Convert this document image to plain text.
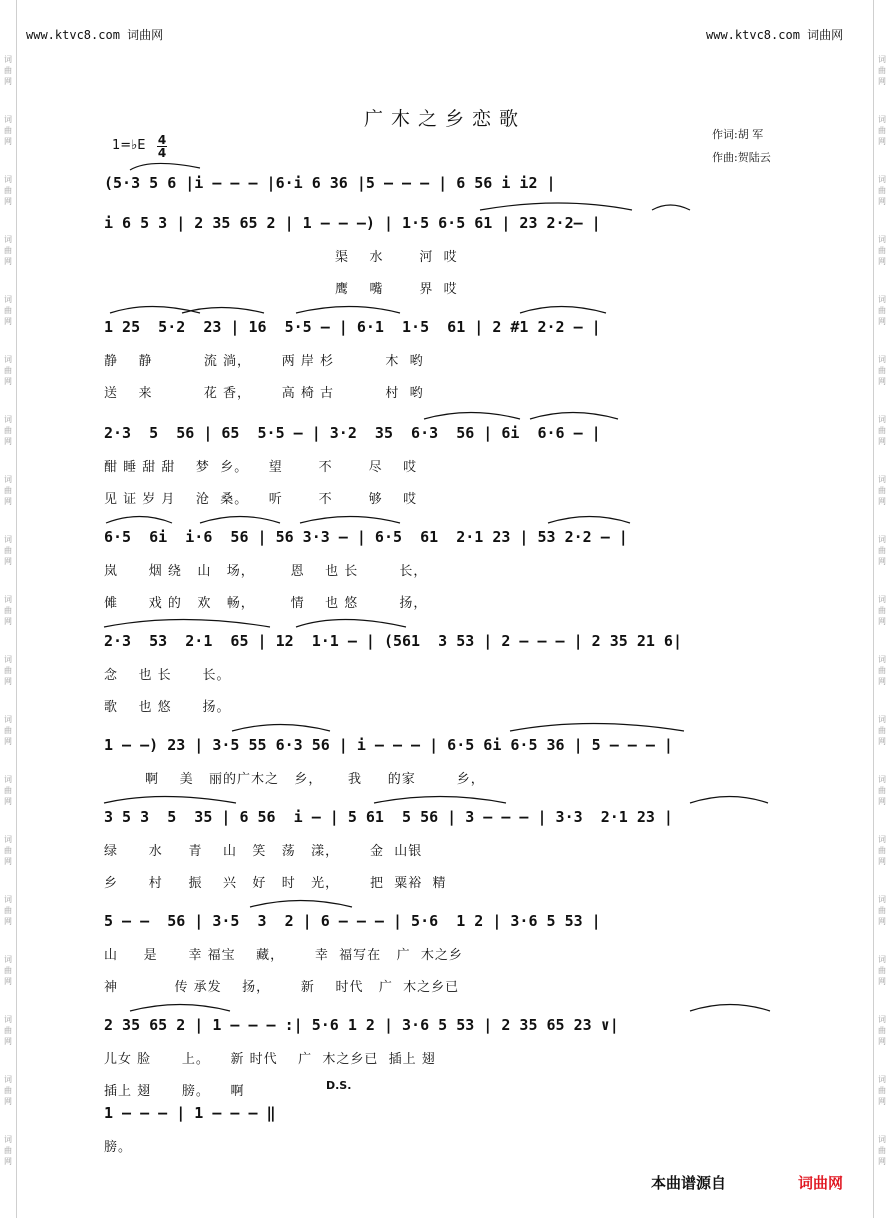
词
曲
网
词
曲
网
词
曲
网
词
曲
网
词
曲
网
词
曲
网
词
曲
网
词
曲
网
词
曲
网
词
曲
网
词
曲
网
词
曲
网
词
曲
网
词
曲
网
词
曲
网
词
曲
网
词
曲
网
词
曲
网
词
曲
网
词
曲
网
词
曲
网
词
曲
网
词
曲
网
词
曲
网
词
曲
网
词
曲
网
词
曲
网
词
曲
网
词
曲
网
词
曲
网
词
曲
网
词
曲
网
词
曲
网
词
曲
网
词
曲
网
词
曲
网
词
曲
网
词
曲
网
www.ktvc8.com 词曲网	www.ktvc8.com 词曲网
广木之乡恋歌
作词:胡 军
作曲:贺陆云
1=♭E 4
4
(5·3 5 6 |i – – – |6·i 6 36 |5 – – – | 6 56 i i2 |
i 6 5 3 | 2 35 65 2 | 1 – – –) | 1·5 6·5 61 | 23 2·2– |
渠    水       河  哎
鹰    嘴       界  哎
1 25  5·2  23 | 16  5·5 – | 6·1  1·5  61 | 2 #1 2·2 – |
静    静          流 淌，      两 岸 杉          木  哟
送    来          花 香，      高 椅 古          村  哟
2·3  5  56 | 65  5·5 – | 3·2  35  6·3  56 | 6i  6·6 – |
酣 睡 甜 甜    梦  乡。    望       不       尽    哎
见 证 岁 月    沧  桑。    听       不       够    哎
6·5  6i  i·6  56 | 56 3·3 – | 6·5  61  2·1 23 | 53 2·2 – |
岚      烟 绕   山   场，       恩    也 长        长，
傩      戏 的   欢   畅，       情    也 悠        扬，
2·3  53  2·1  65 | 12  1·1 – | (561  3 53 | 2 – – – | 2 35 21 6|
念    也 长      长。
歌    也 悠      扬。
1 – –) 23 | 3·5 55 6·3 56 | i – – – | 6·5 6i 6·5 36 | 5 – – – |
啊    美   丽的广木之   乡，     我     的家        乡，
3 5 3  5  35 | 6 56  i – | 5 61  5 56 | 3 – – – | 3·3  2·1 23 |
绿      水     青    山   笑   荡   漾，      金  山银
乡      村     振    兴   好   时   光，      把  粟裕  精
5 – –  56 | 3·5  3  2 | 6 – – – | 5·6  1 2 | 3·6 5 53 |
山     是      幸 福宝    藏，      幸  福写在   广  木之乡
神           传 承发    扬，      新    时代   广  木之乡已
2 35 65 2 | 1 – – – :| 5·6 1 2 | 3·6 5 53 | 2 35 65 23 ∨|
儿女 脸      上。    新 时代    广  木之乡已  插上 翅
插上 翅      膀。    啊	D.S.
1 – – – | 1 – – – ‖
膀。
本曲谱源自	词曲网
